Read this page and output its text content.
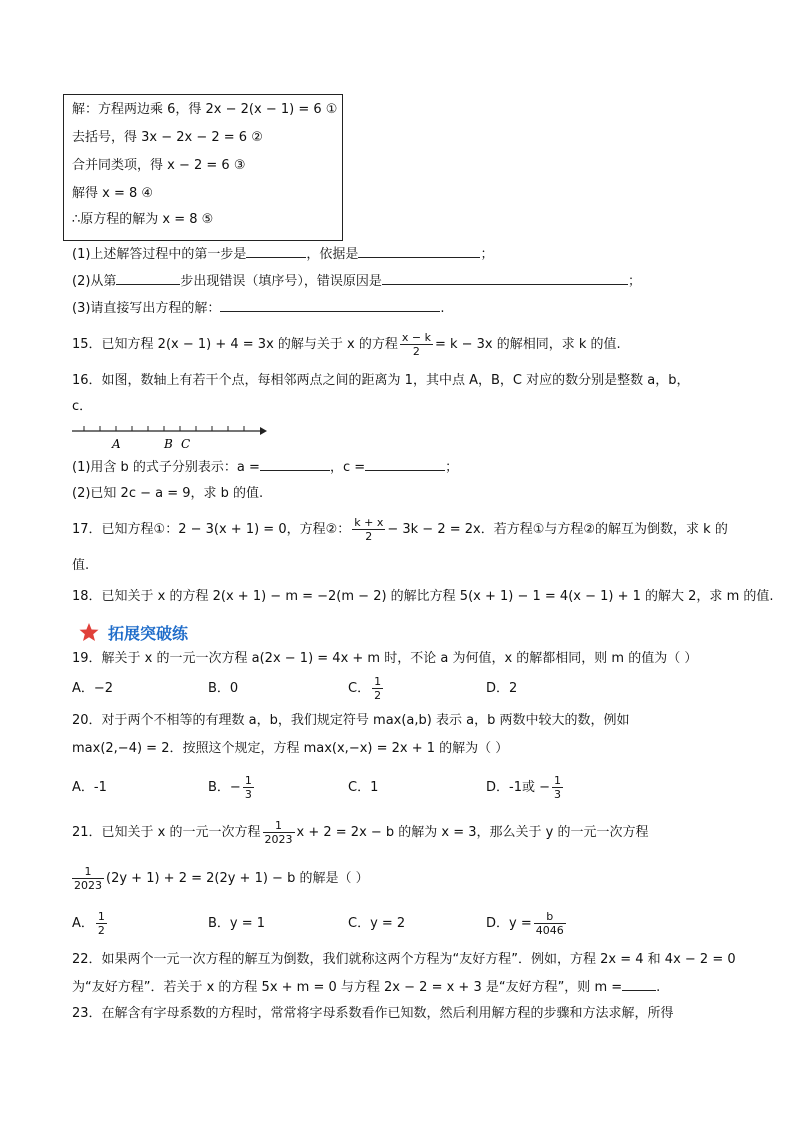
解：方程两边乘 6，得 2x − 2(x − 1) = 6 ①
去括号，得 3x − 2x − 2 = 6 ②
合并同类项，得 x − 2 = 6 ③
解得 x = 8 ④
∴原方程的解为 x = 8 ⑤
(1)上述解答过程中的第一步是	，依据是	；
(2)从第	步出现错误（填序号），错误原因是	；
(3)请直接写出方程的解：	.
15．已知方程 2(x − 1) + 4 = 3x 的解与关于 x 的方程 $\frac{x - k}{2} = k - 3x$ 的解相同，求 k 的值.
16．如图，数轴上有若干个点，每相邻两点之间的距离为 1，其中点 A，B，C 对应的数分别是整数 a，b，
c．
A	B C
(1)用含 b 的式子分别表示：a =	，c =	；
(2)已知 2c − a = 9，求 b 的值.
17．已知方程①：2 − 3(x + 1) = 0，方程②： $\frac{k + x}{2} - 3k - 2 = 2x$．若方程①与方程②的解互为倒数，求 k 的
值.
18．已知关于 x 的方程 2(x + 1) − m = −2(m − 2) 的解比方程 5(x + 1) − 1 = 4(x − 1) + 1 的解大 2，求 m 的值.
拓展突破练
19．解关于 x 的一元一次方程 a(2x − 1) = 4x + m 时，不论 a 为何值，x 的解都相同，则 m 的值为（ ）
A．−2	B．0	C． $\frac{1}{2}$	D．2
20．对于两个不相等的有理数 a，b，我们规定符号 max(a,b) 表示 a，b 两数中较大的数，例如
max(2,−4) = 2．按照这个规定，方程 max(x,−x) = 2x + 1 的解为（ ）
A．-1	B．− $\frac{1}{3}$	C．1	D．-1或 − $\frac{1}{3}$
21．已知关于 x 的一元一次方程 $\frac{1}{2023}$ x + 2 = 2x − b 的解为 x = 3，那么关于 y 的一元一次方程
$\frac{1}{2023} (2y + 1) + 2 = 2(2y + 1) - b$ 的解是（ ）
A． $\frac{1}{2}$	B．y = 1	C．y = 2	D．$y = \frac{b}{4046}$
22．如果两个一元一次方程的解互为倒数，我们就称这两个方程为“友好方程”．例如，方程 2x = 4 和 4x − 2 = 0
为“友好方程”．若关于 x 的方程 5x + m = 0 与方程 2x − 2 = x + 3 是“友好方程”，则 m =	.
23．在解含有字母系数的方程时，常常将字母系数看作已知数，然后利用解方程的步骤和方法求解，所得
